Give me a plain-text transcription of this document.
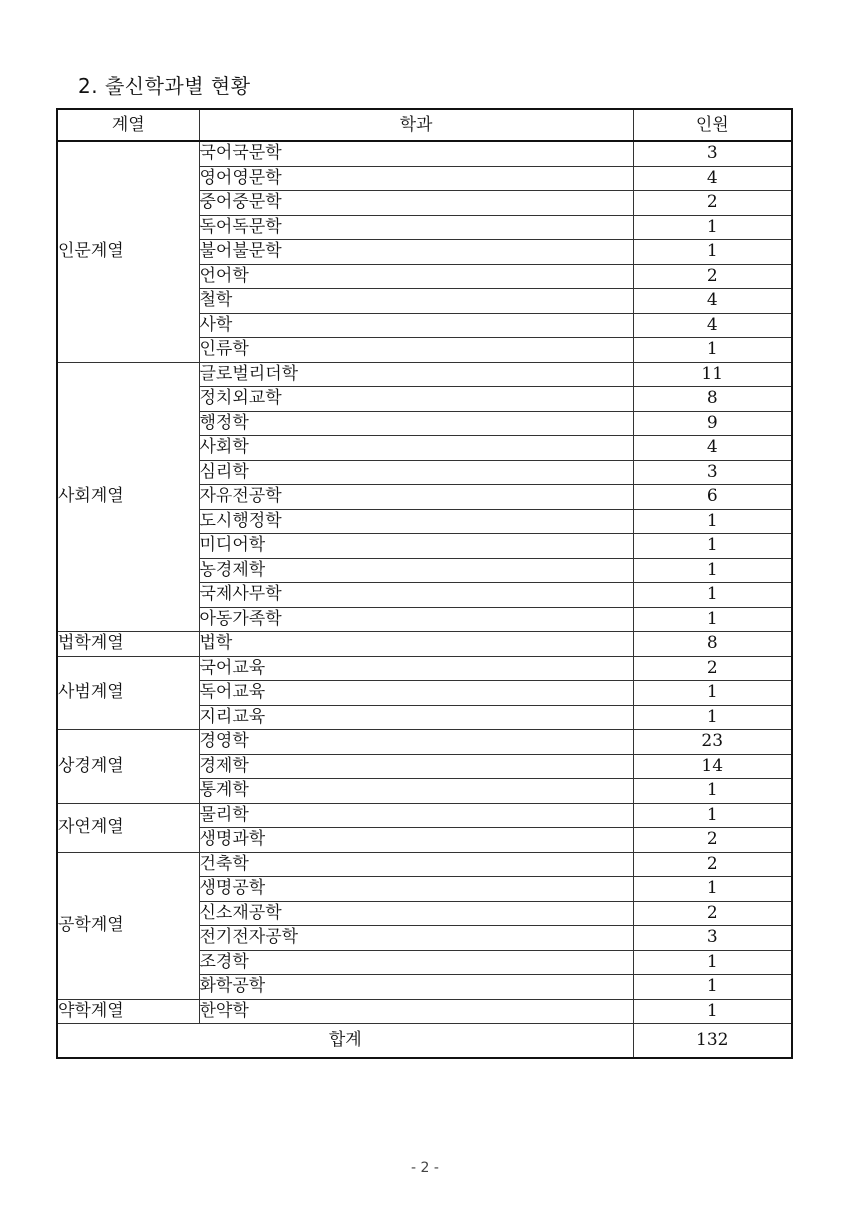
2. 출신학과별 현황
계열	학과	인원
인문계열	국어국문학	3
	영어영문학	4
	중어중문학	2
	독어독문학	1
	불어불문학	1
	언어학	2
	철학	4
	사학	4
	인류학	1
사회계열	글로벌리더학	11
	정치외교학	8
	행정학	9
	사회학	4
	심리학	3
	자유전공학	6
	도시행정학	1
	미디어학	1
	농경제학	1
	국제사무학	1
	아동가족학	1
법학계열	법학	8
사범계열	국어교육	2
	독어교육	1
	지리교육	1
상경계열	경영학	23
	경제학	14
	통계학	1
자연계열	물리학	1
	생명과학	2
공학계열	건축학	2
	생명공학	1
	신소재공학	2
	전기전자공학	3
	조경학	1
	화학공학	1
약학계열	한약학	1
합계		132
- 2 -
